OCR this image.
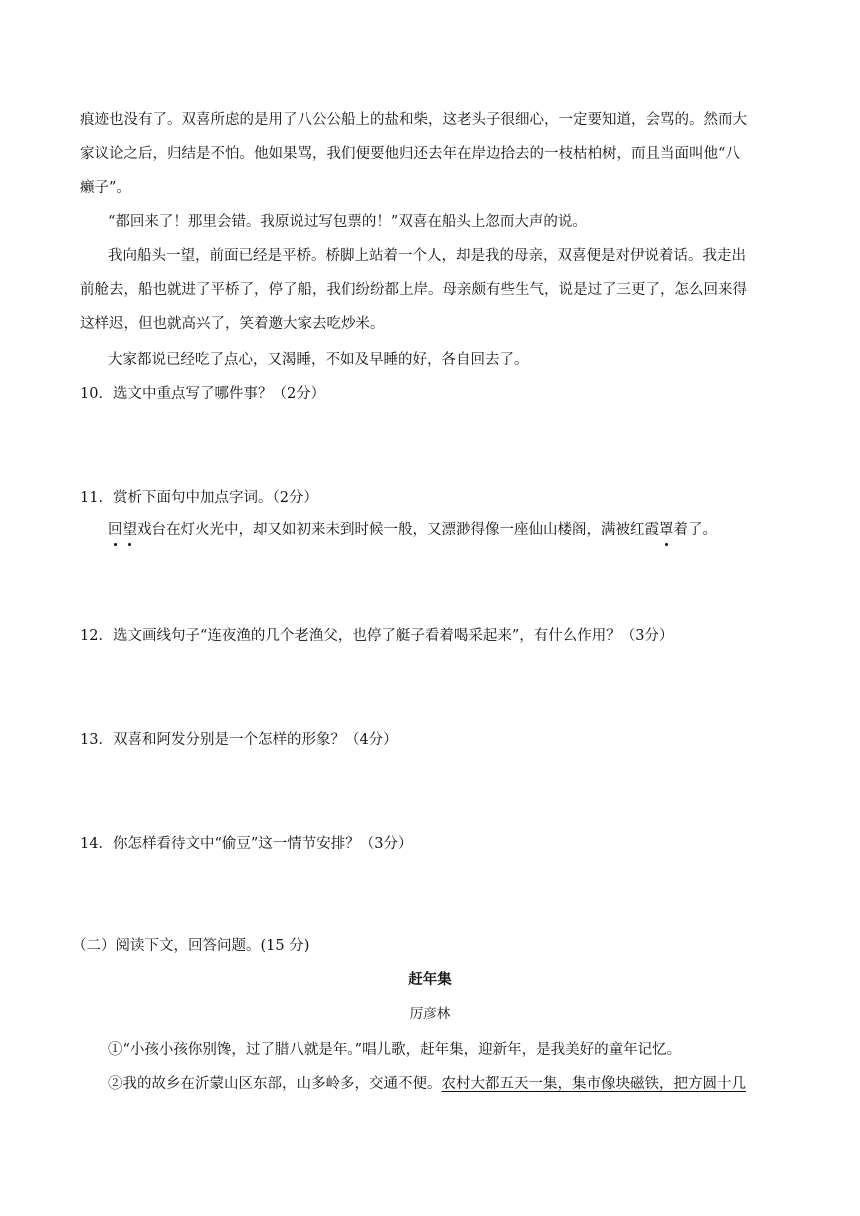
痕迹也没有了。双喜所虑的是用了八公公船上的盐和柴，这老头子很细心，一定要知道，会骂的。然而大
家议论之后，归结是不怕。他如果骂，我们便要他归还去年在岸边拾去的一枝枯柏树，而且当面叫他“八
癞子”。
“都回来了！那里会错。我原说过写包票的！”双喜在船头上忽而大声的说。
我向船头一望，前面已经是平桥。桥脚上站着一个人，却是我的母亲，双喜便是对伊说着话。我走出
前舱去，船也就进了平桥了，停了船，我们纷纷都上岸。母亲颇有些生气，说是过了三更了，怎么回来得
这样迟，但也就高兴了，笑着邀大家去吃炒米。
大家都说已经吃了点心，又渴睡，不如及早睡的好，各自回去了。
10．选文中重点写了哪件事？（2分）
11．赏析下面句中加点字词。（2分）
回望戏台在灯火光中，却又如初来未到时候一般，又漂渺得像一座仙山楼阁，满被红霞罩着了。
12．选文画线句子“连夜渔的几个老渔父，也停了艇子看着喝采起来”，有什么作用？（3分）
13．双喜和阿发分别是一个怎样的形象？（4分）
14．你怎样看待文中“偷豆”这一情节安排？（3分）
（二）阅读下文，回答问题。(15 分)
赶年集
厉彦林
①“小孩小孩你别馋，过了腊八就是年。”唱儿歌，赶年集，迎新年，是我美好的童年记忆。
②我的故乡在沂蒙山区东部，山多岭多，交通不便。农村大都五天一集，集市像块磁铁，把方圆十几
